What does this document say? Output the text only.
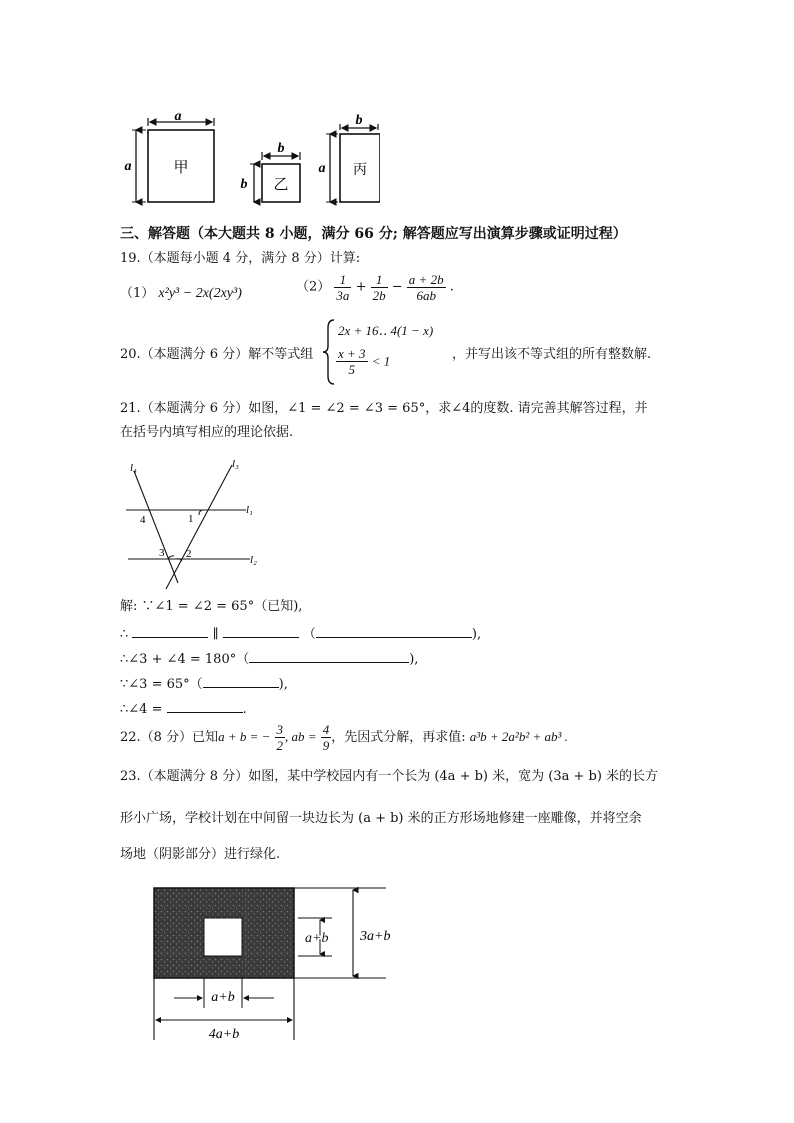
a
a	甲
b
b 乙
b
a 丙
三、解答题（本大题共 8 小题，满分 66 分; 解答题应写出演算步骤或证明过程）
19.（本题每小题 4 分，满分 8 分）计算:
（1） x²y³ − 2x(2xy³)	$(2) \frac{1}{3a} + \frac{1}{2b} - \frac{a + 2b}{6ab}$ .
20.（本题满分 6 分）解不等式组
2x + 16‥ 4(1 − x)
$\frac{x + 3}{5} < 1$	，并写出该不等式组的所有整数解.
21.（本题满分 6 分）如图，∠1 = ∠2 = ∠3 = 65°，求∠4的度数. 请完善其解答过程，并
在括号内填写相应的理论依据.
l₄	l₃
l₁
l₂
1
4
3 2
解: ∵∠1 = ∠2 = 65°（已知),
∴	∥	（	),
∴∠3 + ∠4 = 180°（	),
∵∠3 = 65°（	),
∴∠4 =	.
22.（8 分）已知a + b = − $\frac{3}{2}$ , ab = $\frac{4}{9}$ ，先因式分解，再求值: a³b + 2a²b² + ab³ .
23.（本题满分 8 分）如图，某中学校园内有一个长为 (4a + b) 米，宽为 (3a + b) 米的长方
形小广场，学校计划在中间留一块边长为 (a + b) 米的正方形场地修建一座雕像，并将空余
场地（阴影部分）进行绿化.
a+b 3a+b
a+b
4a+b
